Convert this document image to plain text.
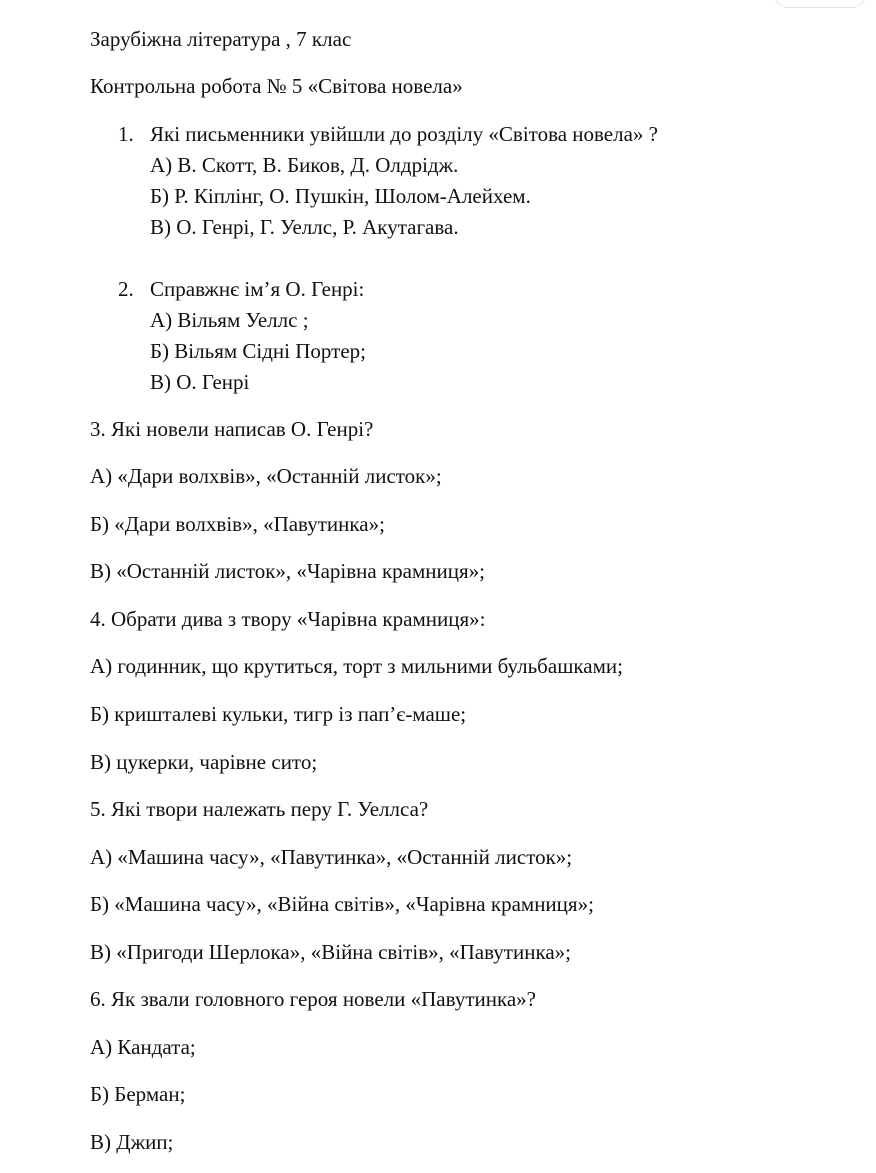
Зарубіжна література , 7 клас
Контрольна робота № 5 «Світова новела»
1. Які письменники увійшли до розділу «Світова новела» ?
А) В. Скотт, В. Биков, Д. Олдрідж.
Б) Р. Кіплінг, О. Пушкін, Шолом-Алейхем.
В) О. Генрі, Г. Уеллс, Р. Акутагава.
2. Справжнє ім’я О. Генрі:
А) Вільям Уеллс ;
Б) Вільям Сідні Портер;
В) О. Генрі
3. Які новели написав О. Генрі?
А) «Дари волхвів», «Останній листок»;
Б) «Дари волхвів», «Павутинка»;
В) «Останній листок», «Чарівна крамниця»;
4. Обрати дива з твору «Чарівна крамниця»:
А) годинник, що крутиться, торт з мильними бульбашками;
Б) кришталеві кульки, тигр із пап’є-маше;
В) цукерки, чарівне сито;
5. Які твори належать перу Г. Уеллса?
А) «Машина часу», «Павутинка», «Останній листок»;
Б) «Машина часу», «Війна світів», «Чарівна крамниця»;
В) «Пригоди Шерлока», «Війна світів», «Павутинка»;
6. Як звали головного героя новели «Павутинка»?
А) Кандата;
Б) Берман;
В) Джип;
